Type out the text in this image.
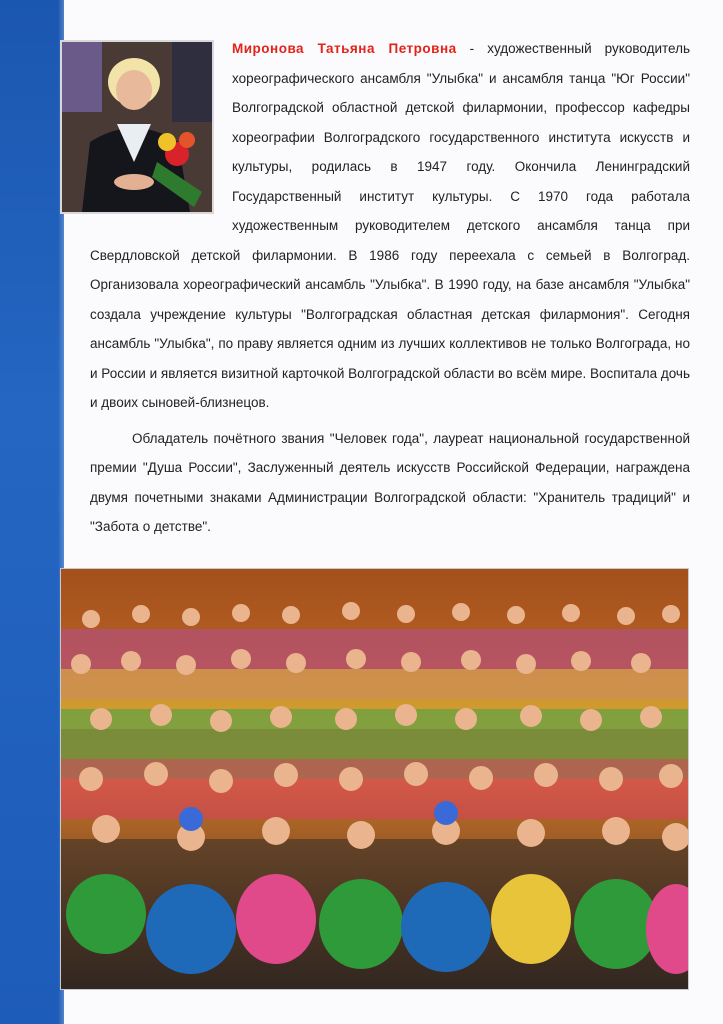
Миронова Татьяна Петровна - художественный руководитель хореографического ансамбля "Улыбка" и ансамбля танца "Юг России" Волгоградской областной детской филармонии, профессор кафедры хореографии Волгоградского государственного института искусств и культуры, родилась в 1947 году. Окончила Ленинградский Государственный институт культуры. С 1970 года работала художественным руководителем детского ансамбля танца при Свердловской детской филармонии. В 1986 году переехала с семьей в Волгоград. Организовала хореографический ансамбль "Улыбка". В 1990 году, на базе ансамбля "Улыбка" создала учреждение культуры "Волгоградская областная детская филармония". Сегодня ансамбль "Улыбка", по праву является одним из лучших коллективов не только Волгограда, но и России и является визитной карточкой Волгоградской области во всём мире. Воспитала дочь и двоих сыновей-близнецов.

Обладатель почётного звания "Человек года", лауреат национальной государственной премии "Душа России", Заслуженный деятель искусств Российской Федерации, награждена двумя почетными знаками Администрации Волгоградской области: "Хранитель традиций" и "Забота о детстве".
